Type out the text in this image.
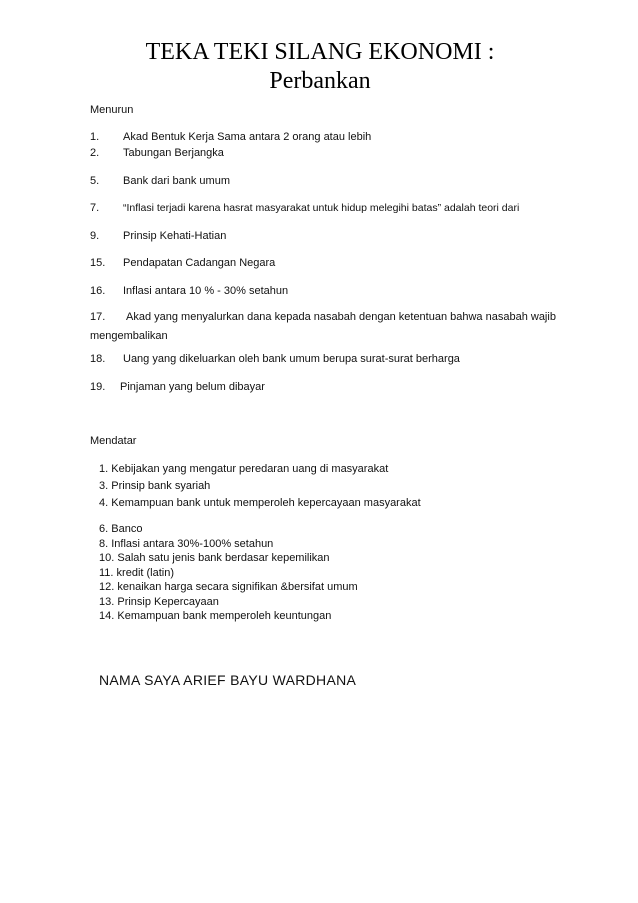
TEKA TEKI SILANG EKONOMI :
Perbankan
Menurun
1. Akad Bentuk Kerja Sama antara 2 orang atau lebih
2. Tabungan Berjangka
5. Bank dari bank umum
7. “Inflasi terjadi karena hasrat masyarakat untuk hidup melegihi batas” adalah teori dari
9. Prinsip Kehati-Hatian
15. Pendapatan Cadangan Negara
16. Inflasi antara 10 % - 30% setahun
17. Akad yang menyalurkan dana kepada nasabah dengan ketentuan bahwa nasabah wajib mengembalikan
18. Uang yang dikeluarkan oleh bank umum berupa surat-surat berharga
19. Pinjaman yang belum dibayar
Mendatar
1. Kebijakan yang mengatur peredaran uang di masyarakat
3. Prinsip bank syariah
4. Kemampuan bank untuk memperoleh kepercayaan masyarakat
6. Banco
8. Inflasi antara 30%-100% setahun
10. Salah satu jenis bank berdasar kepemilikan
11. kredit (latin)
12. kenaikan harga secara signifikan &bersifat umum
13. Prinsip Kepercayaan
14. Kemampuan bank memperoleh keuntungan
NAMA SAYA ARIEF BAYU WARDHANA
